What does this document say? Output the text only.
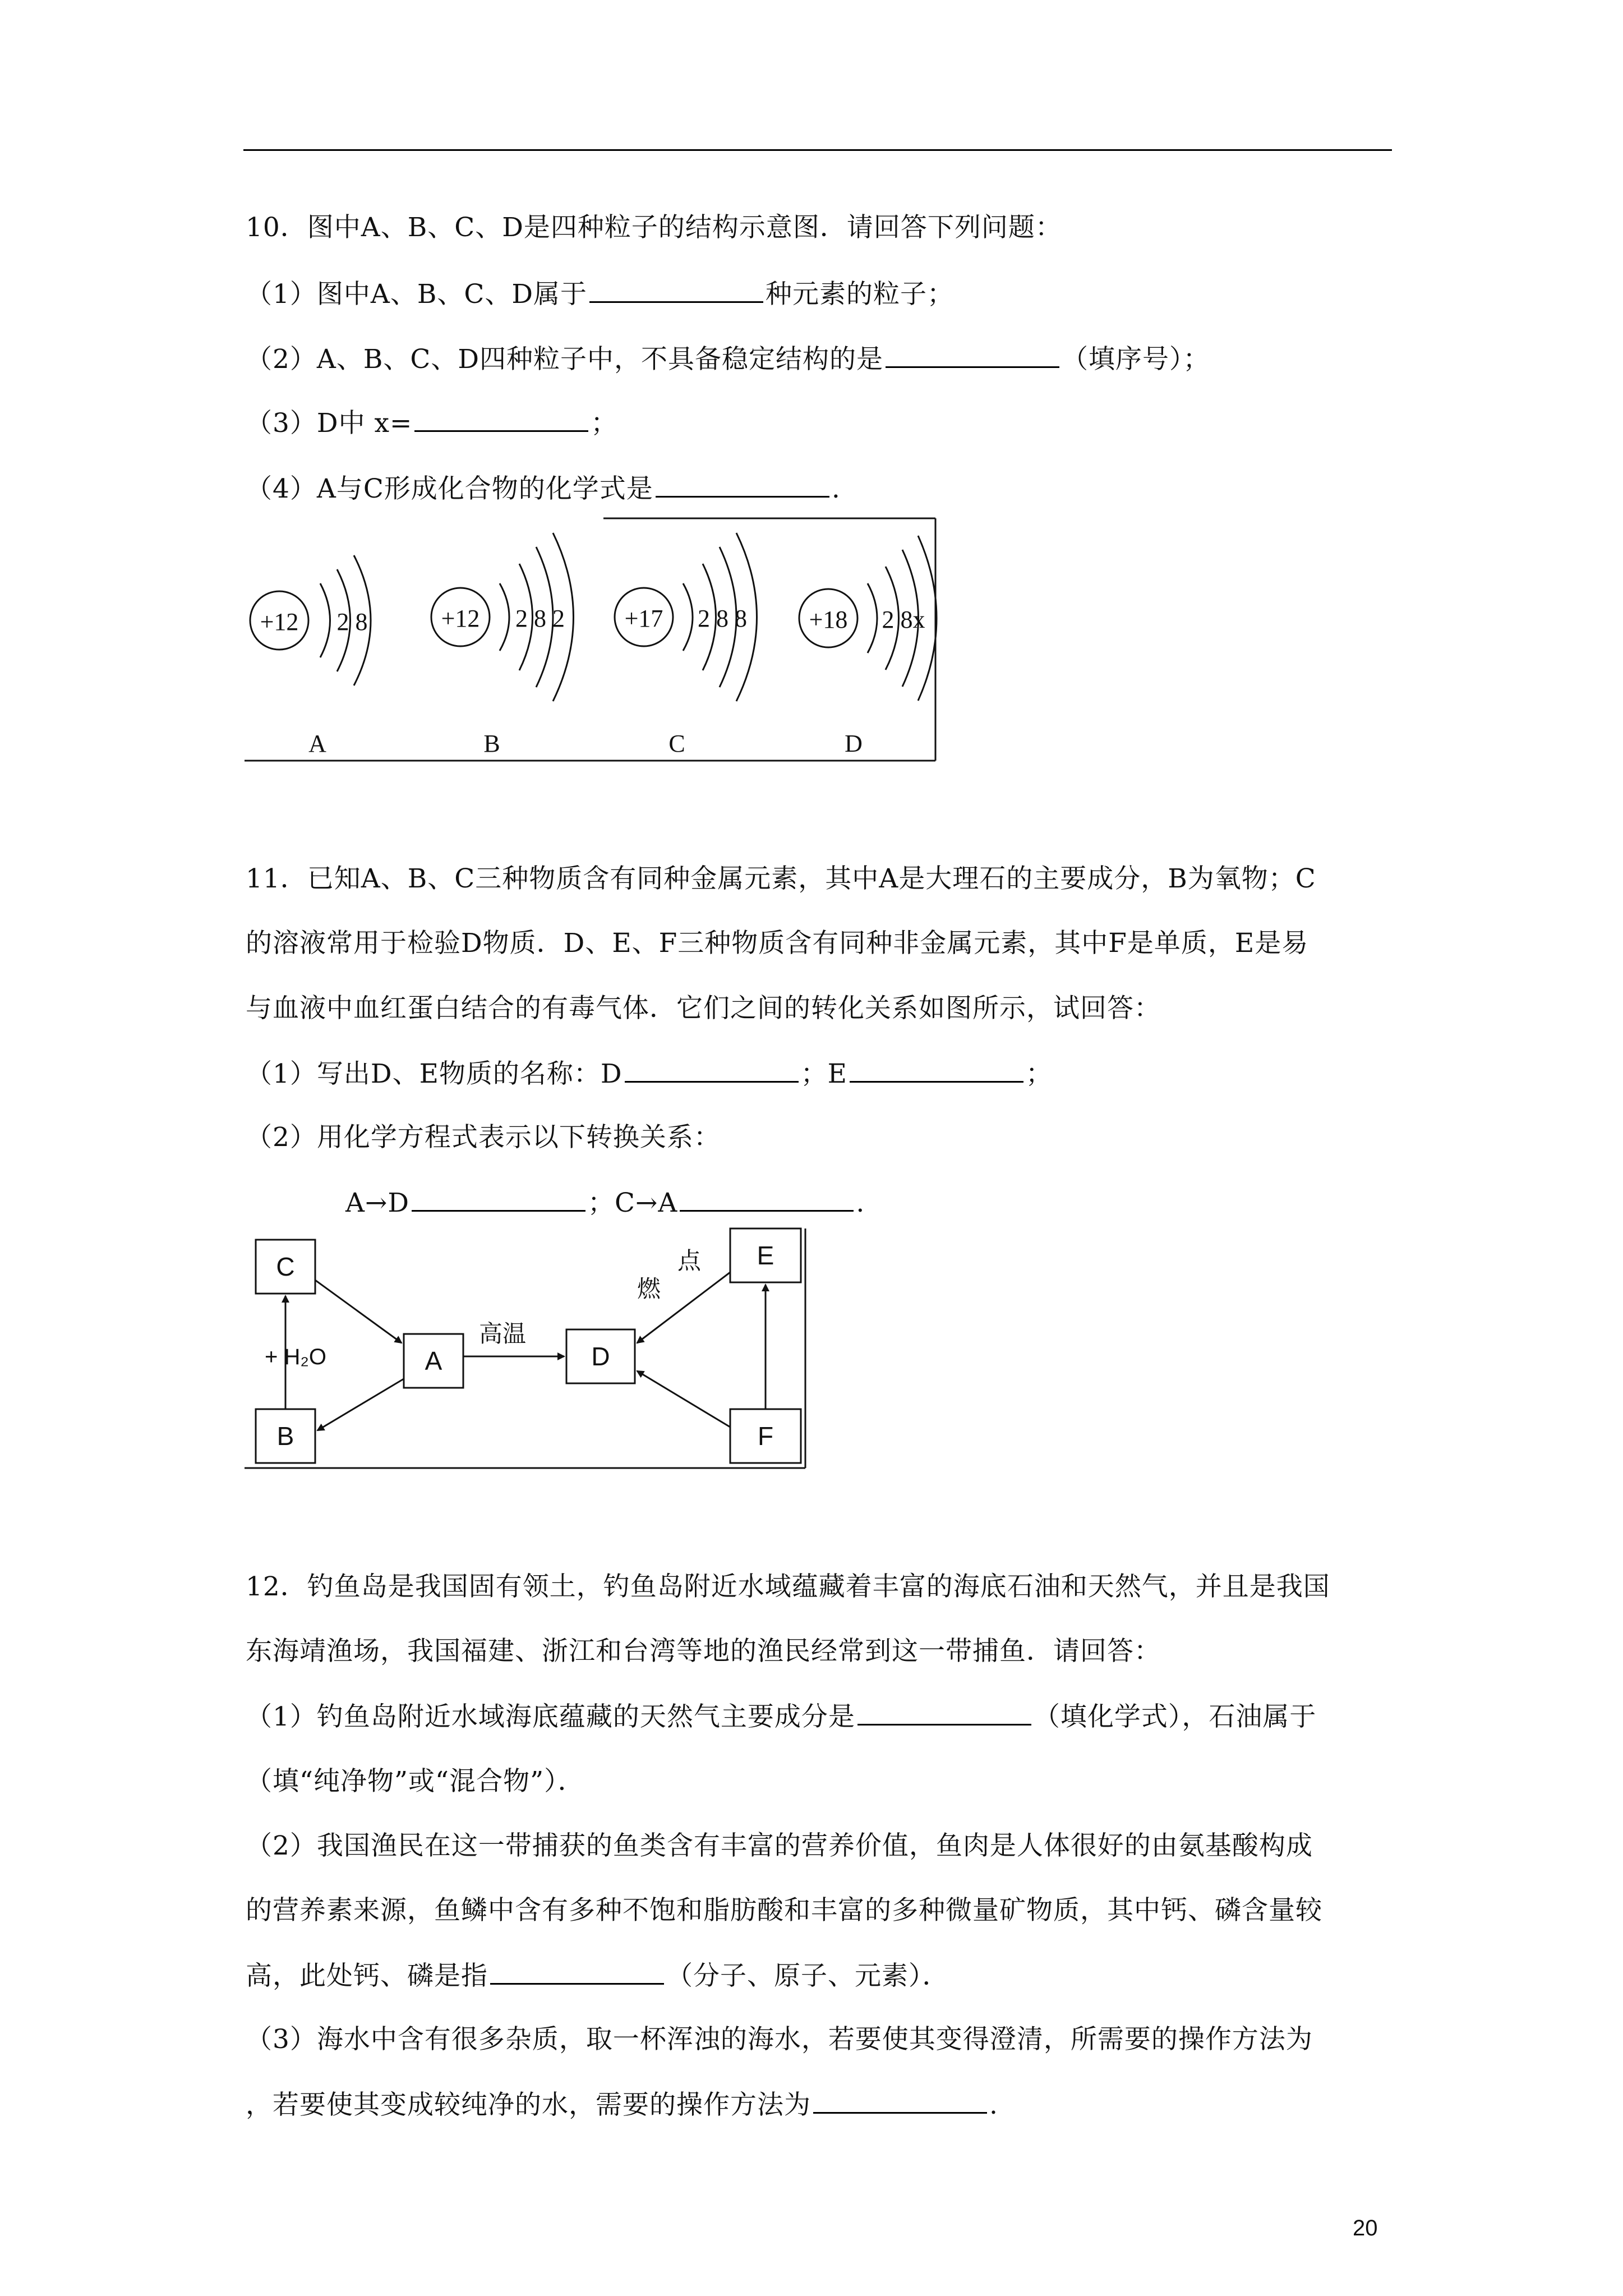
10．图中A、B、C、D是四种粒子的结构示意图．请回答下列问题：
（1）图中A、B、C、D属于	种元素的粒子；
（2）A、B、C、D四种粒子中，不具备稳定结构的是	（填序号）；
（3）D中 x=	；
（4）A与C形成化合物的化学式是	.
+12 2 8
A
+12 2 8 2
B
+17 2 8 8
C
+18 2 8x
D
11．已知A、B、C三种物质含有同种金属元素，其中A是大理石的主要成分，B为氧物；C
的溶液常用于检验D物质．D、E、F三种物质含有同种非金属元素，其中F是单质，E是易
与血液中血红蛋白结合的有毒气体．它们之间的转化关系如图所示，试回答：
（1）写出D、E物质的名称：D	；E	；
（2）用化学方程式表示以下转换关系：
A→D	；C→A	.
C
B
A	D
E
F
+ H₂O
高温
点
燃
12．钓鱼岛是我国固有领土，钓鱼岛附近水域蕴藏着丰富的海底石油和天然气，并且是我国
东海靖渔场，我国福建、浙江和台湾等地的渔民经常到这一带捕鱼．请回答：
（1）钓鱼岛附近水域海底蕴藏的天然气主要成分是	（填化学式），石油属于
（填“纯净物”或“混合物”）．
（2）我国渔民在这一带捕获的鱼类含有丰富的营养价值，鱼肉是人体很好的由氨基酸构成
的营养素来源，鱼鳞中含有多种不饱和脂肪酸和丰富的多种微量矿物质，其中钙、磷含量较
高，此处钙、磷是指	（分子、原子、元素）．
（3）海水中含有很多杂质，取一杯浑浊的海水，若要使其变得澄清，所需要的操作方法为
，若要使其变成较纯净的水，需要的操作方法为	.
20
